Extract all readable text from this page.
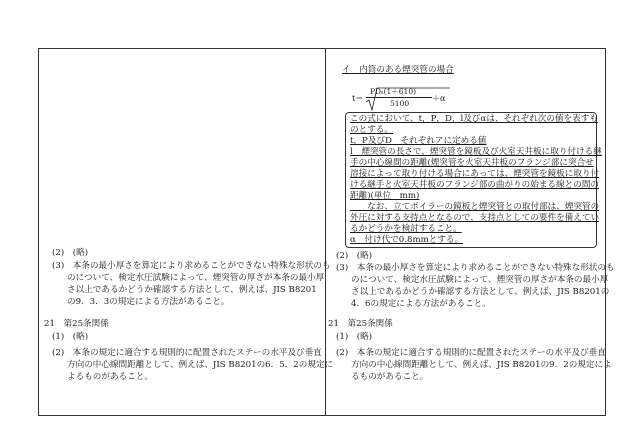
(2)　(略)
(3)　本条の最小厚さを算定により求めることができない特殊な形状のも
のについて、検定水圧試験によって、煙突管の厚さが本条の最小厚
さ以上であるかどうか確認する方法として、例えば、JIS B8201
の9．3．3の規定による方法があること。
21　第25条関係
(1)　(略)
(2)　本条の規定に適合する規則的に配置されたステーの水平及び垂直
方向の中心線間距離として、例えば、JIS B8201の6．5．2の規定に
よるものがあること。
イ　内筒のある煙突管の場合
t＝
PDₛ(1＋610)
5100
＋α
この式において、t，P，D，l及びαは、それぞれ次の値を表すも
のとする。
t，P及びD　それぞれアに定める値
l　煙突管の長さで、煙突管を鏡板及び火室天井板に取り付ける継
手の中心線間の距離(煙突管を火室天井板のフランジ部に突合せ
溶接によって取り付ける場合にあっては、煙突管を鏡板に取り付
ける継手と火室天井板のフランジ部の曲がりの始まる線との間の
距離)(単位　mm)
　　なお、立てボイラーの鏡板と煙突管との取付部は、煙突管の
外圧に対する支持点となるので、支持点としての要件を備えてい
るかどうかを検討すること。
α　付け代で0.8mmとする。
(2)　(略)
(3)　本条の最小厚さを算定により求めることができない特殊な形状のも
のについて、検定水圧試験によって、煙突管の厚さが本条の最小厚
さ以上であるかどうか確認する方法として、例えば、JIS B8201の
4．6の規定による方法があること。
21　第25条関係
(1)　(略)
(2)　本条の規定に適合する規則的に配置されたステーの水平及び垂直
方向の中心線間距離として、例えば、JIS B8201の9．2の規定によ
るものがあること。
